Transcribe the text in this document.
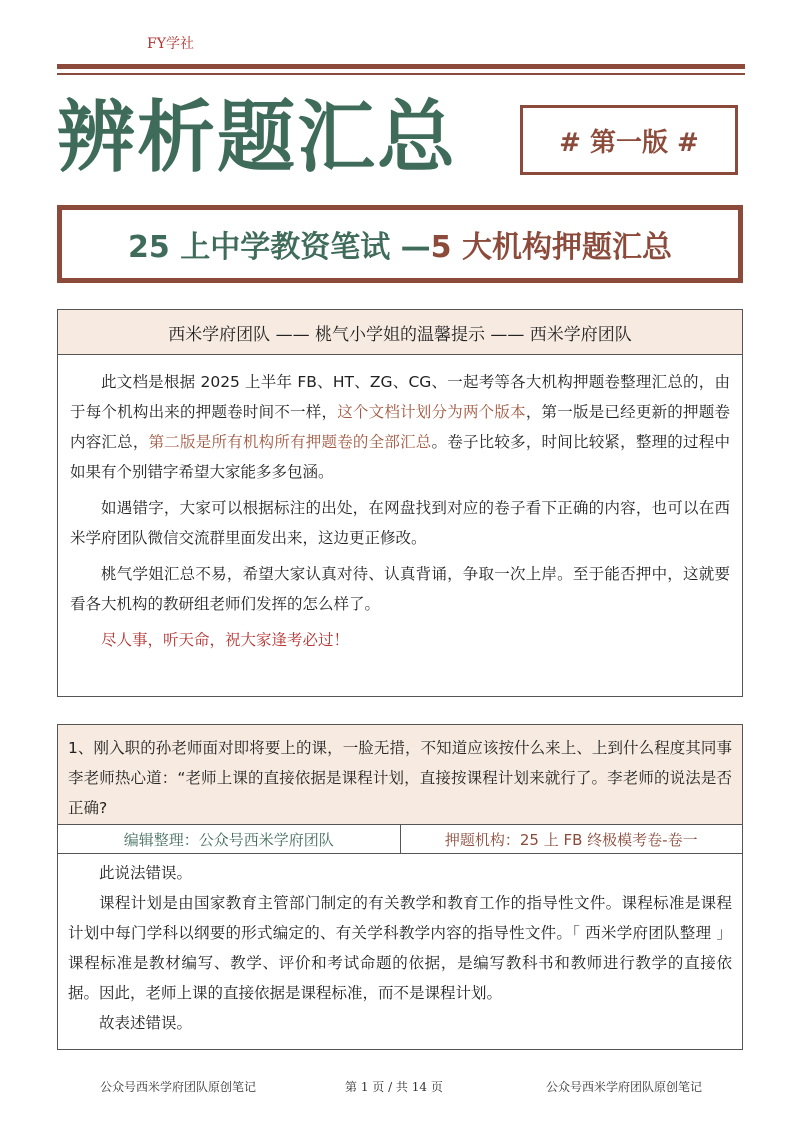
FY学社
辨析题汇总	# 第一版 #
25 上中学教资笔试 — 5 大机构押题汇总
西米学府团队 —— 桃气小学姐的温馨提示 —— 西米学府团队

此文档是根据 2025 上半年 FB、HT、ZG、CG、一起考等各大机构押题卷整理汇总的，由于每个机构出来的押题卷时间不一样，这个文档计划分为两个版本，第一版是已经更新的押题卷内容汇总，第二版是所有机构所有押题卷的全部汇总。卷子比较多，时间比较紧，整理的过程中如果有个别错字希望大家能多多包涵。

如遇错字，大家可以根据标注的出处，在网盘找到对应的卷子看下正确的内容，也可以在西米学府团队微信交流群里面发出来，这边更正修改。

桃气学姐汇总不易，希望大家认真对待、认真背诵，争取一次上岸。至于能否押中，这就要看各大机构的教研组老师们发挥的怎么样了。

尽人事，听天命，祝大家逢考必过！

1、刚入职的孙老师面对即将要上的课，一脸无措，不知道应该按什么来上、上到什么程度其同事李老师热心道：“老师上课的直接依据是课程计划，直接按课程计划来就行了。李老师的说法是否正确?
编辑整理：公众号西米学府团队	押题机构：25 上 FB 终极模考卷-卷一

此说法错误。

课程计划是由国家教育主管部门制定的有关教学和教育工作的指导性文件。课程标准是课程计划中每门学科以纲要的形式编定的、有关学科教学内容的指导性文件。「 西米学府团队整理 」课程标准是教材编写、教学、评价和考试命题的依据，是编写教科书和教师进行教学的直接依据。因此，老师上课的直接依据是课程标准，而不是课程计划。

故表述错误。

公众号西米学府团队原创笔记	第 1 页 / 共 14 页	公众号西米学府团队原创笔记
